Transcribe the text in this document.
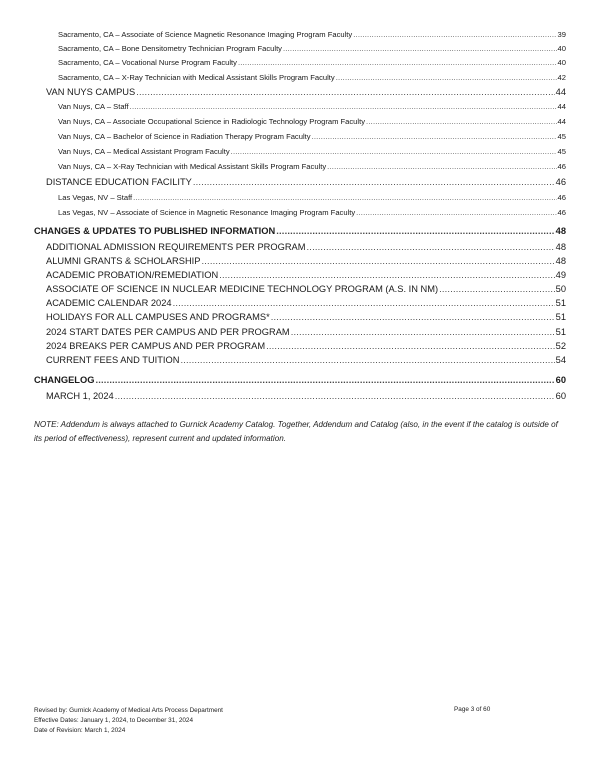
Sacramento, CA – Associate of Science Magnetic Resonance Imaging Program Faculty .....	39
Sacramento, CA – Bone Densitometry Technician Program Faculty .....	40
Sacramento, CA – Vocational Nurse Program Faculty .....	40
Sacramento, CA – X-Ray Technician with Medical Assistant Skills Program Faculty .....	42
VAN NUYS CAMPUS .....	44
Van Nuys, CA – Staff .....	44
Van Nuys, CA – Associate Occupational Science in Radiologic Technology Program Faculty .....	44
Van Nuys, CA – Bachelor of Science in Radiation Therapy Program Faculty .....	45
Van Nuys, CA – Medical Assistant Program Faculty .....	45
Van Nuys, CA – X-Ray Technician with Medical Assistant Skills Program Faculty .....	46
DISTANCE EDUCATION FACILITY .....	46
Las Vegas, NV – Staff .....	46
Las Vegas, NV – Associate of Science in Magnetic Resonance Imaging Program Faculty .....	46
CHANGES & UPDATES TO PUBLISHED INFORMATION .....	48
ADDITIONAL ADMISSION REQUIREMENTS PER PROGRAM .....	48
ALUMNI GRANTS & SCHOLARSHIP .....	48
ACADEMIC PROBATION/REMEDIATION .....	49
ASSOCIATE OF SCIENCE IN NUCLEAR MEDICINE TECHNOLOGY PROGRAM (A.S. IN NM) .....	50
ACADEMIC CALENDAR 2024 .....	51
HOLIDAYS FOR ALL CAMPUSES AND PROGRAMS* .....	51
2024 START DATES PER CAMPUS AND PER PROGRAM .....	51
2024 BREAKS PER CAMPUS AND PER PROGRAM .....	52
CURRENT FEES AND TUITION .....	54
CHANGELOG .....	60
MARCH 1, 2024 .....	60
NOTE: Addendum is always attached to Gurnick Academy Catalog. Together, Addendum and Catalog (also, in the event if the catalog is outside of its period of effectiveness), represent current and updated information.
Revised by: Gurnick Academy of Medical Arts Process Department
Effective Dates: January 1, 2024, to December 31, 2024
Date of Revision: March 1, 2024
Page 3 of 60
